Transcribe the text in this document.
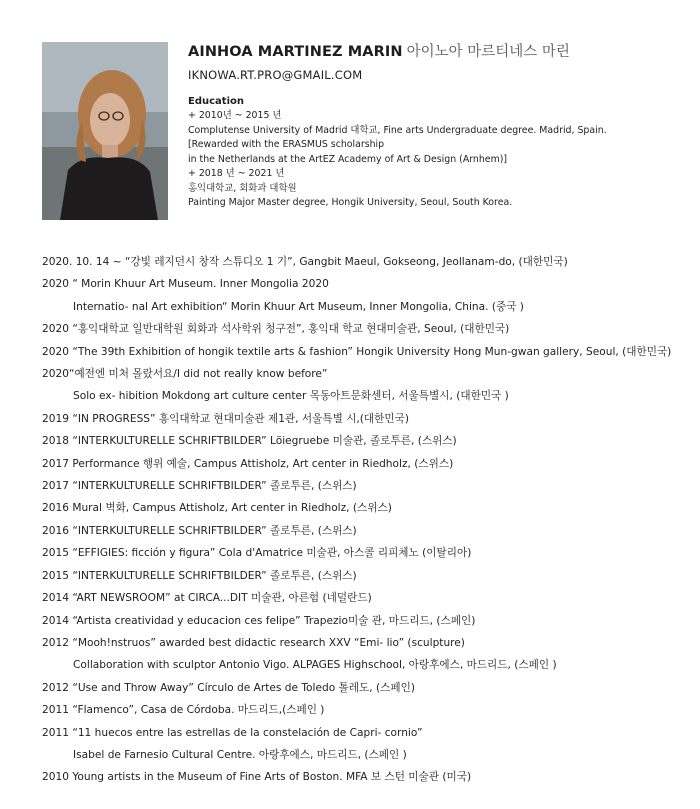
AINHOA MARTINEZ MARIN 아이노아 마르티네스 마린
IKNOWA.RT.PRO@GMAIL.COM
Education
+ 2010년 ~ 2015 년
Complutense University of Madrid 대학교, Fine arts Undergraduate degree. Madrid, Spain.
[Rewarded with the ERASMUS scholarship
in the Netherlands at the ArtEZ Academy of Art & Design (Arnhem)]
+ 2018 년 ~ 2021 년
홍익대학교, 회화과 대학원
Painting Major Master degree, Hongik University, Seoul, South Korea.
2020. 10. 14 ~ “강빛 레지던시 창작 스튜디오 1 기”, Gangbit Maeul, Gokseong, Jeollanam-do, (대한민국)
2020 “ Morin Khuur Art Museum. Inner Mongolia 2020
Internatio- nal Art exhibition“ Morin Khuur Art Museum, Inner Mongolia, China. (중국 )
2020 “홍익대학교 일반대학원 회화과 석사학위 청구전”, 홍익대 학교 현대미술관, Seoul, (대한민국)
2020 “The 39th Exhibition of hongik textile arts & fashion” Hongik University Hong Mun-gwan gallery, Seoul, (대한민국)
2020“예전엔 미처 몰랐서요/I did not really know before”
Solo ex- hibition Mokdong art culture center 목동아트문화센터, 서울특별시, (대한민국 )
2019 “IN PROGRESS” 홍익대학교 현대미술관 제1관, 서울특별 시,(대한민국)
2018 “INTERKULTURELLE SCHRIFTBILDER” Löiegruebe 미술관, 졸로투른, (스위스)
2017 Performance 행위 예술, Campus Attisholz, Art center in Riedholz, (스위스)
2017 “INTERKULTURELLE SCHRIFTBILDER” 졸로투른, (스위스)
2016 Mural 벽화, Campus Attisholz, Art center in Riedholz, (스위스)
2016 “INTERKULTURELLE SCHRIFTBILDER” 졸로투른, (스위스)
2015 “EFFIGIES: ficción y figura” Cola d'Amatrice 미술관, 아스콜 리피체노 (이탈리아)
2015 “INTERKULTURELLE SCHRIFTBILDER” 졸로투른, (스위스)
2014 “ART NEWSROOM” at CIRCA...DIT 미술관, 아른험 (네덜란드)
2014 “Artista creatividad y educacion ces felipe” Trapezio미술 관, 마드리드, (스페인)
2012 “Mooh!nstruos” awarded best didactic research XXV “Emi- lio” (sculpture)
Collaboration with sculptor Antonio Vigo. ALPAGES Highschool, 아랑후에스, 마드리드, (스페인 )
2012 “Use and Throw Away” Círculo de Artes de Toledo 톨레도, (스페인)
2011 “Flamenco”, Casa de Córdoba. 마드리드,(스페인 )
2011 “11 huecos entre las estrellas de la constelación de Capri- cornio”
Isabel de Farnesio Cultural Centre. 아랑후에스, 마드리드, (스페인 )
2010 Young artists in the Museum of Fine Arts of Boston. MFA 보 스턴 미술관 (미국)
